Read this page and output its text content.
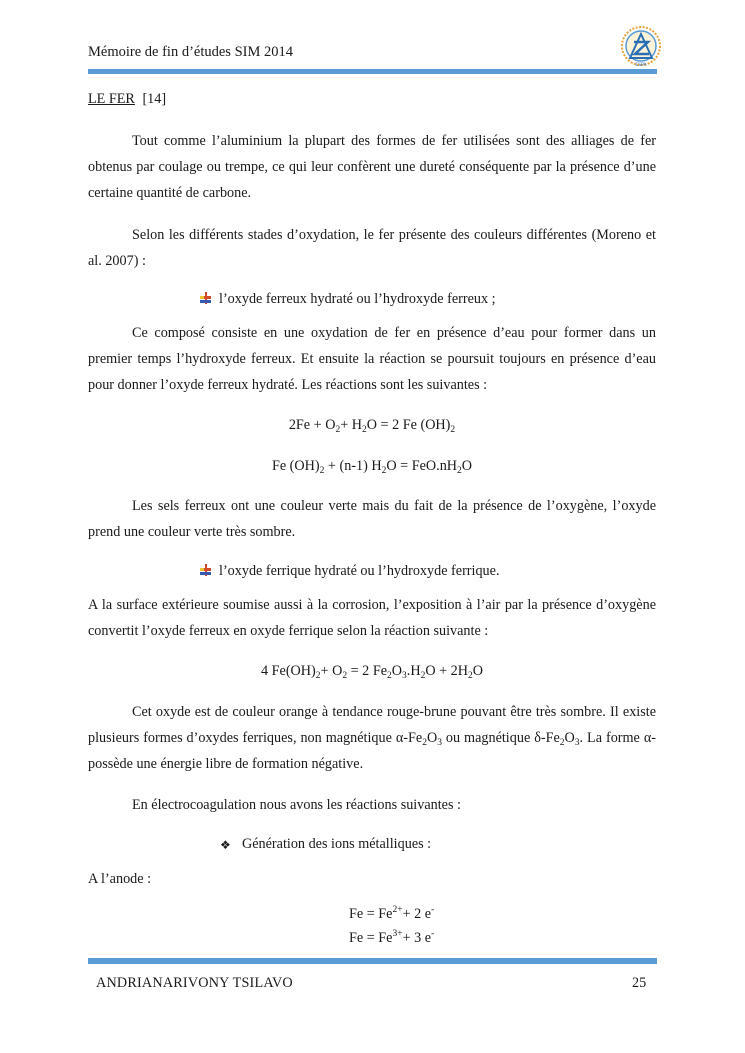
Mémoire de fin d’études SIM 2014
ESPA
LE FER [14]

Tout comme l’aluminium la plupart des formes de fer utilisées sont des alliages de fer obtenus par coulage ou trempe, ce qui leur confèrent une dureté conséquente par la présence d’une certaine quantité de carbone.

Selon les différents stades d’oxydation, le fer présente des couleurs différentes (Moreno et al. 2007) :

l’oxyde ferreux hydraté ou l’hydroxyde ferreux ;

Ce composé consiste en une oxydation de fer en présence d’eau pour former dans un premier temps l’hydroxyde ferreux. Et ensuite la réaction se poursuit toujours en présence d’eau pour donner l’oxyde ferreux hydraté. Les réactions sont les suivantes :

$2Fe + O_2+ H_2O = 2$ Fe $(OH)_2$
Fe $(OH)_2 + (n-1) H_2O = FeO.nH_2O$

Les sels ferreux ont une couleur verte mais du fait de la présence de l’oxygène, l’oxyde prend une couleur verte très sombre.

l’oxyde ferrique hydraté ou l’hydroxyde ferrique.

A la surface extérieure soumise aussi à la corrosion, l’exposition à l’air par la présence d’oxygène convertit l’oxyde ferreux en oxyde ferrique selon la réaction suivante :

4 $Fe(OH)_2+ O_2 = 2$ $Fe_2O_3.H_2O + 2H_2O$

Cet oxyde est de couleur orange à tendance rouge-brune pouvant être très sombre. Il existe plusieurs formes d’oxydes ferriques, non magnétique $\alpha-Fe_2O_3$ ou magnétique $\delta-Fe_2O_3$. La forme α- possède une énergie libre de formation négative.

En électrocoagulation nous avons les réactions suivantes :

❖ Génération des ions métalliques :

A l’anode :

$Fe = Fe^{2+}+ 2$ e-
$Fe = Fe^{3+}+ 3$ e-
ANDRIANARIVONY TSILAVO	25
